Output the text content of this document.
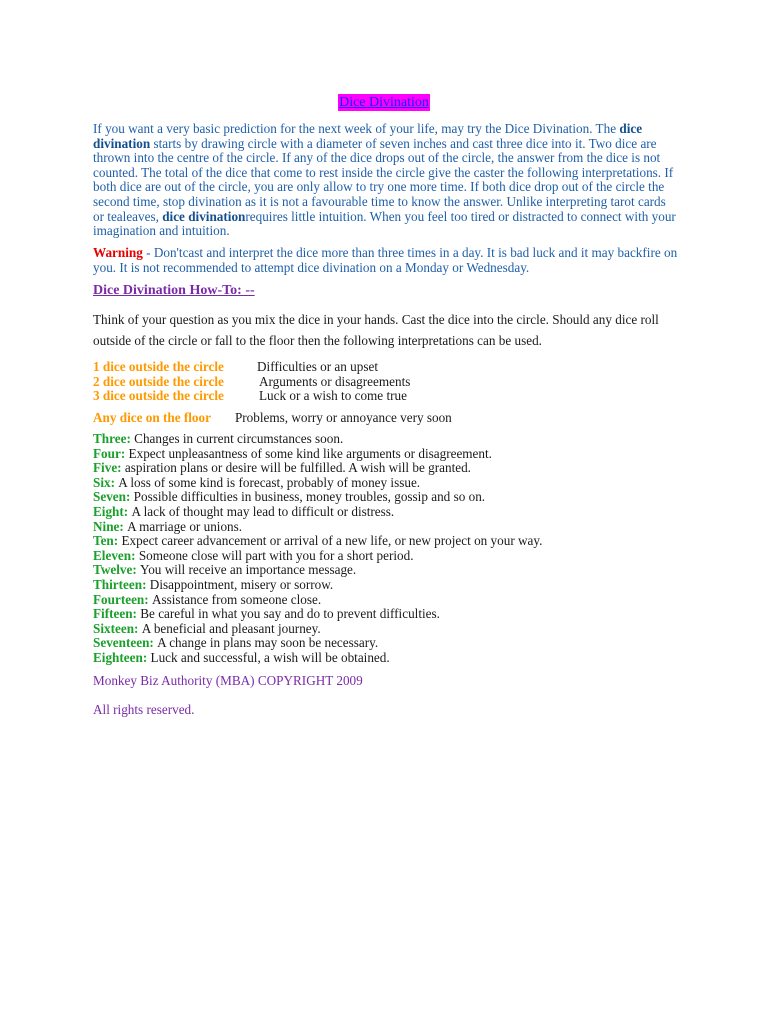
Dice Divination

If you want a very basic prediction for the next week of your life, may try the Dice Divination. The dice divination starts by drawing circle with a diameter of seven inches and cast three dice into it. Two dice are thrown into the centre of the circle. If any of the dice drops out of the circle, the answer from the dice is not counted. The total of the dice that come to rest inside the circle give the caster the following interpretations. If both dice are out of the circle, you are only allow to try one more time. If both dice drop out of the circle the second time, stop divination as it is not a favourable time to know the answer. Unlike interpreting tarot cards or tealeaves, dice divinationrequires little intuition. When you feel too tired or distracted to connect with your imagination and intuition.

Warning - Don'tcast and interpret the dice more than three times in a day. It is bad luck and it may backfire on you. It is not recommended to attempt dice divination on a Monday or Wednesday.

Dice Divination How-To: --

Think of your question as you mix the dice in your hands. Cast the dice into the circle. Should any dice roll outside of the circle or fall to the floor then the following interpretations can be used.

1 dice outside the circle	Difficulties or an upset
2 dice outside the circle	Arguments or disagreements
3 dice outside the circle	Luck or a wish to come true
Any dice on the floor Problems, worry or annoyance very soon
Three: Changes in current circumstances soon.
Four: Expect unpleasantness of some kind like arguments or disagreement.
Five: aspiration plans or desire will be fulfilled. A wish will be granted.
Six: A loss of some kind is forecast, probably of money issue.
Seven: Possible difficulties in business, money troubles, gossip and so on.
Eight: A lack of thought may lead to difficult or distress.
Nine: A marriage or unions.
Ten: Expect career advancement or arrival of a new life, or new project on your way.
Eleven: Someone close will part with you for a short period.
Twelve: You will receive an importance message.
Thirteen: Disappointment, misery or sorrow.
Fourteen: Assistance from someone close.
Fifteen: Be careful in what you say and do to prevent difficulties.
Sixteen: A beneficial and pleasant journey.
Seventeen: A change in plans may soon be necessary.
Eighteen: Luck and successful, a wish will be obtained.
Monkey Biz Authority (MBA) COPYRIGHT 2009
All rights reserved.
